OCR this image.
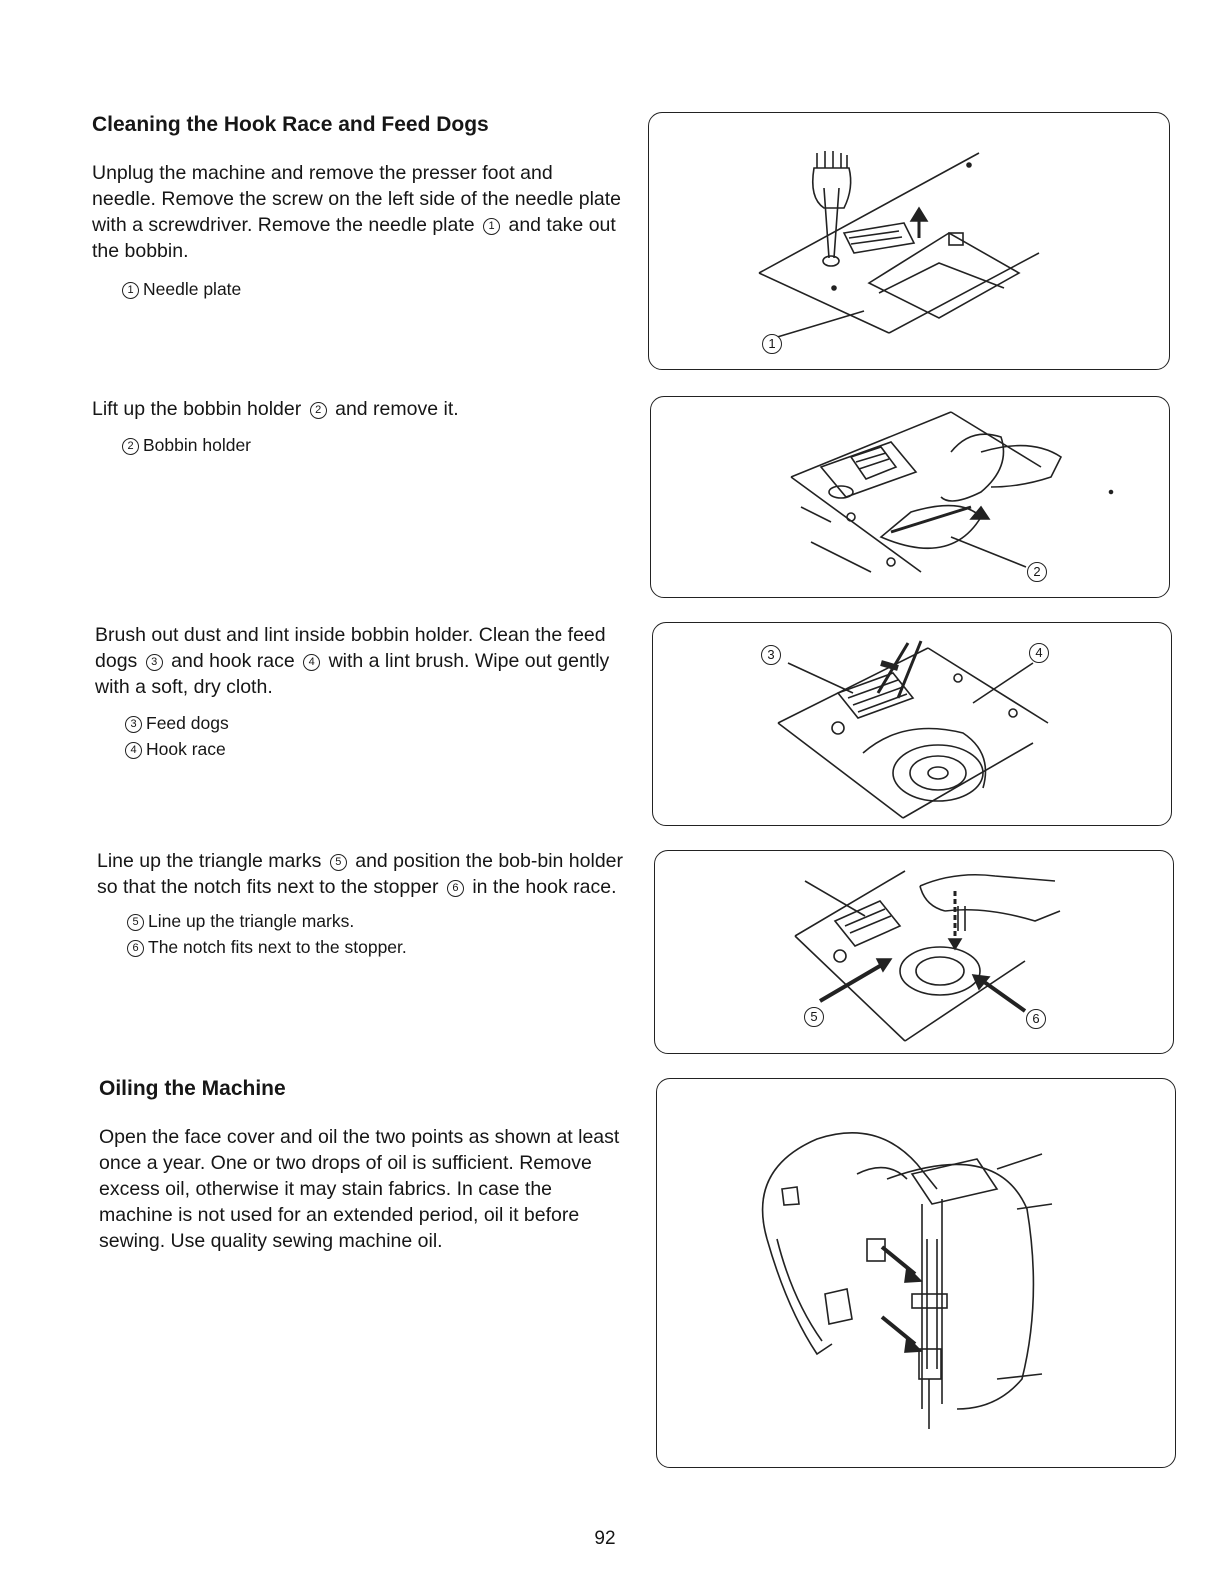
Cleaning the Hook Race and Feed Dogs

Unplug the machine and remove the presser foot and needle. Remove the screw on the left side of the needle plate with a screwdriver. Remove the needle plate 1 and take out the bobbin.

1 Needle plate

Lift up the bobbin holder 2 and remove it.

2 Bobbin holder

Brush out dust and lint inside bobbin holder. Clean the feed dogs 3 and hook race 4 with a lint brush. Wipe out gently with a soft, dry cloth.

3 Feed dogs
4 Hook race

Line up the triangle marks 5 and position the bob-bin holder so that the notch fits next to the stopper 6 in the hook race.

5 Line up the triangle marks.
6 The notch fits next to the stopper.
Oiling the Machine

Open the face cover and oil the two points as shown at least once a year. One or two drops of oil is sufficient. Remove excess oil, otherwise it may stain fabrics. In case the machine is not used for an extended period, oil it before sewing. Use quality sewing machine oil.

1
2
3	4
5	6
92
